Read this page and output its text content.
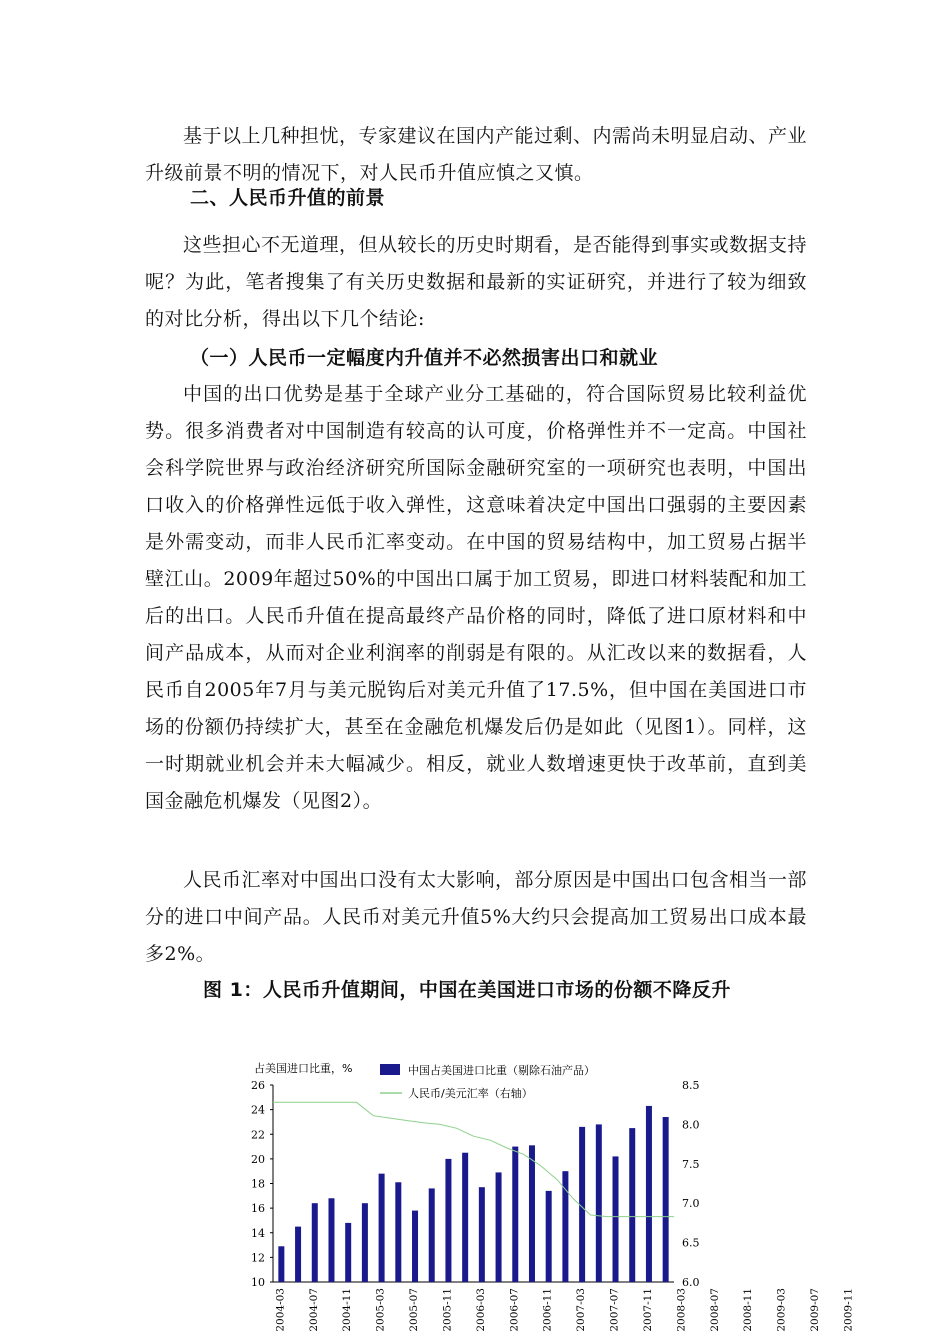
基于以上几种担忧，专家建议在国内产能过剩、内需尚未明显启动、产业升级前景不明的情况下，对人民币升值应慎之又慎。

二、人民币升值的前景

这些担心不无道理，但从较长的历史时期看，是否能得到事实或数据支持呢？为此，笔者搜集了有关历史数据和最新的实证研究，并进行了较为细致的对比分析，得出以下几个结论:

（一）人民币一定幅度内升值并不必然损害出口和就业

中国的出口优势是基于全球产业分工基础的，符合国际贸易比较利益优势。很多消费者对中国制造有较高的认可度，价格弹性并不一定高。中国社会科学院世界与政治经济研究所国际金融研究室的一项研究也表明，中国出口收入的价格弹性远低于收入弹性，这意味着决定中国出口强弱的主要因素是外需变动，而非人民币汇率变动。在中国的贸易结构中，加工贸易占据半壁江山。2009年超过50%的中国出口属于加工贸易，即进口材料装配和加工后的出口。人民币升值在提高最终产品价格的同时，降低了进口原材料和中间产品成本，从而对企业利润率的削弱是有限的。从汇改以来的数据看，人民币自2005年7月与美元脱钩后对美元升值了17.5%，但中国在美国进口市场的份额仍持续扩大，甚至在金融危机爆发后仍是如此（见图1）。同样，这一时期就业机会并未大幅减少。相反，就业人数增速更快于改革前，直到美国金融危机爆发（见图2）。

人民币汇率对中国出口没有太大影响，部分原因是中国出口包含相当一部分的进口中间产品。人民币对美元升值5%大约只会提高加工贸易出口成本最多2%。

图 1：人民币升值期间，中国在美国进口市场的份额不降反升

10
12
14
16
18
20
22
24
26
6.0
6.5
7.0
7.5
8.0
8.5
占美国进口比重，%
2004-03 2004-07 2004-11 2005-03 2005-07 2005-11 2006-03 2006-07 2006-11 2007-03 2007-07 2007-11 2008-03 2008-07 2008-11 2009-03 2009-07 2009-11
中国占美国进口比重（剔除石油产品）
人民币/美元汇率（右轴）
